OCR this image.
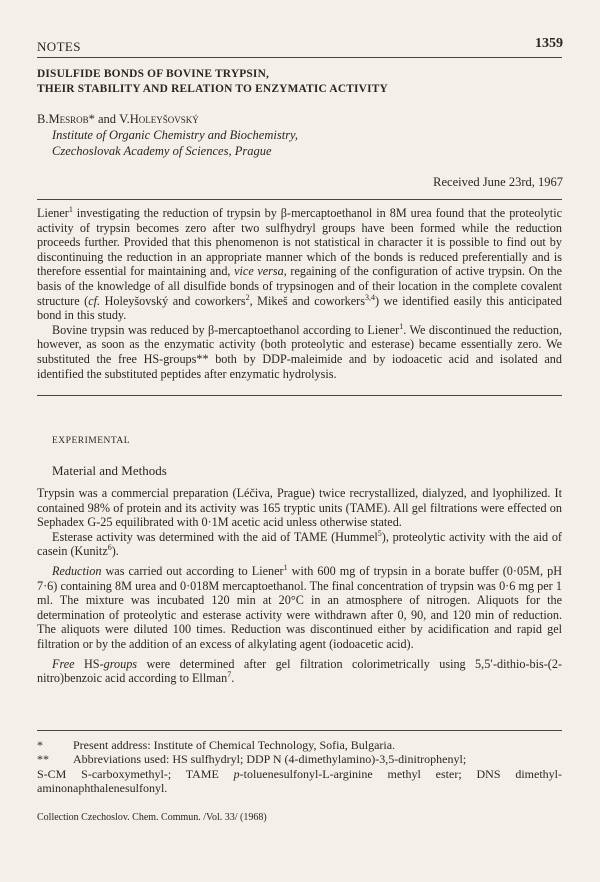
NOTES	1359
DISULFIDE BONDS OF BOVINE TRYPSIN,
THEIR STABILITY AND RELATION TO ENZYMATIC ACTIVITY
B.Mesrob* and V.Holeyšovský
Institute of Organic Chemistry and Biochemistry,
Czechoslovak Academy of Sciences, Prague
Received June 23rd, 1967

Liener$^1$ investigating the reduction of trypsin by β-mercaptoethanol in 8M urea found that the proteolytic activity of trypsin becomes zero after two sulfhydryl groups have been formed while the reduction proceeds further. Provided that this phenomenon is not statistical in character it is possible to find out by discontinuing the reduction in an appropriate manner which of the bonds is reduced preferentially and is therefore essential for maintaining and, vice versa, regaining of the configuration of active trypsin. On the basis of the knowledge of all disulfide bonds of trypsinogen and of their location in the complete covalent structure (cf. Holeyšovský and coworkers$^2$, Mikeš and coworkers$^{3,4}$) we identified easily this anticipated bond in this study.

Bovine trypsin was reduced by β-mercaptoethanol according to Liener$^1$. We discontinued the reduction, however, as soon as the enzymatic activity (both proteolytic and esterase) became essentially zero. We substituted the free HS-groups** both by DDP-maleimide and by iodoacetic acid and isolated and identified the substituted peptides after enzymatic hydrolysis.

EXPERIMENTAL
Material and Methods

Trypsin was a commercial preparation (Léčiva, Prague) twice recrystallized, dialyzed, and lyophilized. It contained 98% of protein and its activity was 165 tryptic units (TAME). All gel filtrations were effected on Sephadex G-25 equilibrated with 0·1M acetic acid unless otherwise stated.

Esterase activity was determined with the aid of TAME (Hummel$^5$), proteolytic activity with the aid of casein (Kunitz$^6$).

Reduction was carried out according to Liener$^1$ with 600 mg of trypsin in a borate buffer (0·05M, pH 7·6) containing 8M urea and 0·018M mercaptoethanol. The final concentration of trypsin was 0·6 mg per 1 ml. The mixture was incubated 120 min at 20°C in an atmosphere of nitrogen. Aliquots for the determination of proteolytic and esterase activity were withdrawn after 0, 90, and 120 min of reduction. The aliquots were diluted 100 times. Reduction was discontinued either by acidification and rapid gel filtration or by the addition of an excess of alkylating agent (iodoacetic acid).

Free HS-groups were determined after gel filtration colorimetrically using 5,5′-dithio-bis-(2-nitro)benzoic acid according to Ellman$^7$.

*	Present address: Institute of Chemical Technology, Sofia, Bulgaria.
**	Abbreviations used: HS sulfhydryl; DDP N (4-dimethylamino)-3,5-dinitrophenyl;

S-CM S-carboxymethyl-; TAME p-toluenesulfonyl-L-arginine methyl ester; DNS dimethyl-aminonaphthalenesulfonyl.

Collection Czechoslov. Chem. Commun. /Vol. 33/ (1968)
